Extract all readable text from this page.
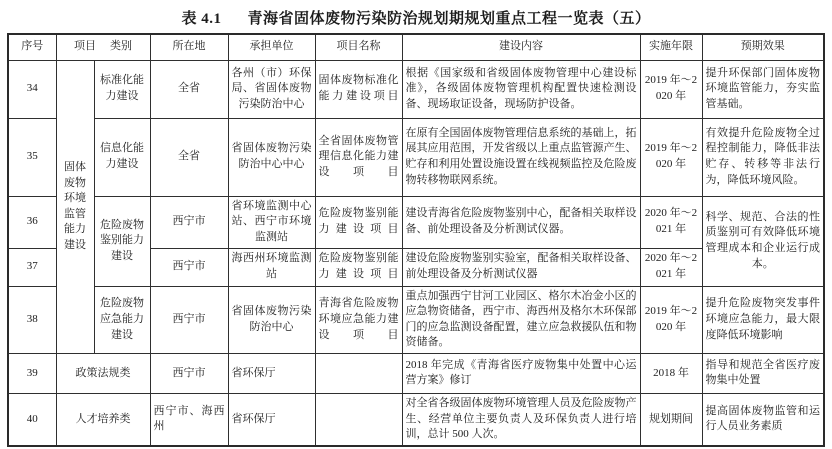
表 4.1 青海省固体废物污染防治规划期规划重点工程一览表（五）
序号	项目 类别		所在地	承担单位	项目名称	建设内容	实施年限	预期效果
34	固体废物环境监管能力建设	标准化能力建设	全省	各州（市）环保局、省固体废物污染防治中心	固体废物标准化能力建设项目	根据《国家级和省级固体废物管理中心建设标准》，各级固体废物管理机构配置快速检测设备、现场取证设备，现场防护设备。	2019 年～2020 年	提升环保部门固体废物环境监管能力，夯实监管基础。
35		信息化能力建设	全省	省固体废物污染防治中心中心	全省固体废物管理信息化能力建设项目	在原有全国固体废物管理信息系统的基础上，拓展其应用范围，开发省级以上重点监管源产生、贮存和利用处置设施设置在线视频监控及危险废物转移物联网系统。	2019 年～2020 年	有效提升危险废物全过程控制能力，降低非法贮存、转移等非法行为，降低环境风险。
36		危险废物鉴别能力建设	西宁市	省环境监测中心站、西宁市环境监测站	危险废物鉴别能力建设项目	建设青海省危险废物鉴别中心，配备相关取样设备、前处理设备及分析测试仪器。	2020 年～2021 年	科学、规范、合法的性质鉴别可有效降低环境管理成本和企业运行成本。
37			西宁市	海西州环境监测站	危险废物鉴别能力建设项目	建设危险废物鉴别实验室，配备相关取样设备、前处理设备及分析测试仪器	2020 年～2021 年	
38		危险废物应急能力建设	西宁市	省固体废物污染防治中心	青海省危险废物环境应急能力建设项目	重点加强西宁甘河工业园区、格尔木冶金小区的应急物资储备，西宁市、海西州及格尔木环保部门的应急监测设备配置，建立应急救援队伍和物资储备。	2019 年～2020 年	提升危险废物突发事件环境应急能力，最大限度降低环境影响
39	政策法规类		西宁市	省环保厅		2018 年完成《青海省医疗废物集中处置中心运营方案》修订	2018 年	指导和规范全省医疗废物集中处置
40	人才培养类		西宁市、海西州	省环保厅		对全省各级固体废物环境管理人员及危险废物产生、经营单位主要负责人及环保负责人进行培训，总计 500 人次。	规划期间	提高固体废物监管和运行人员业务素质
